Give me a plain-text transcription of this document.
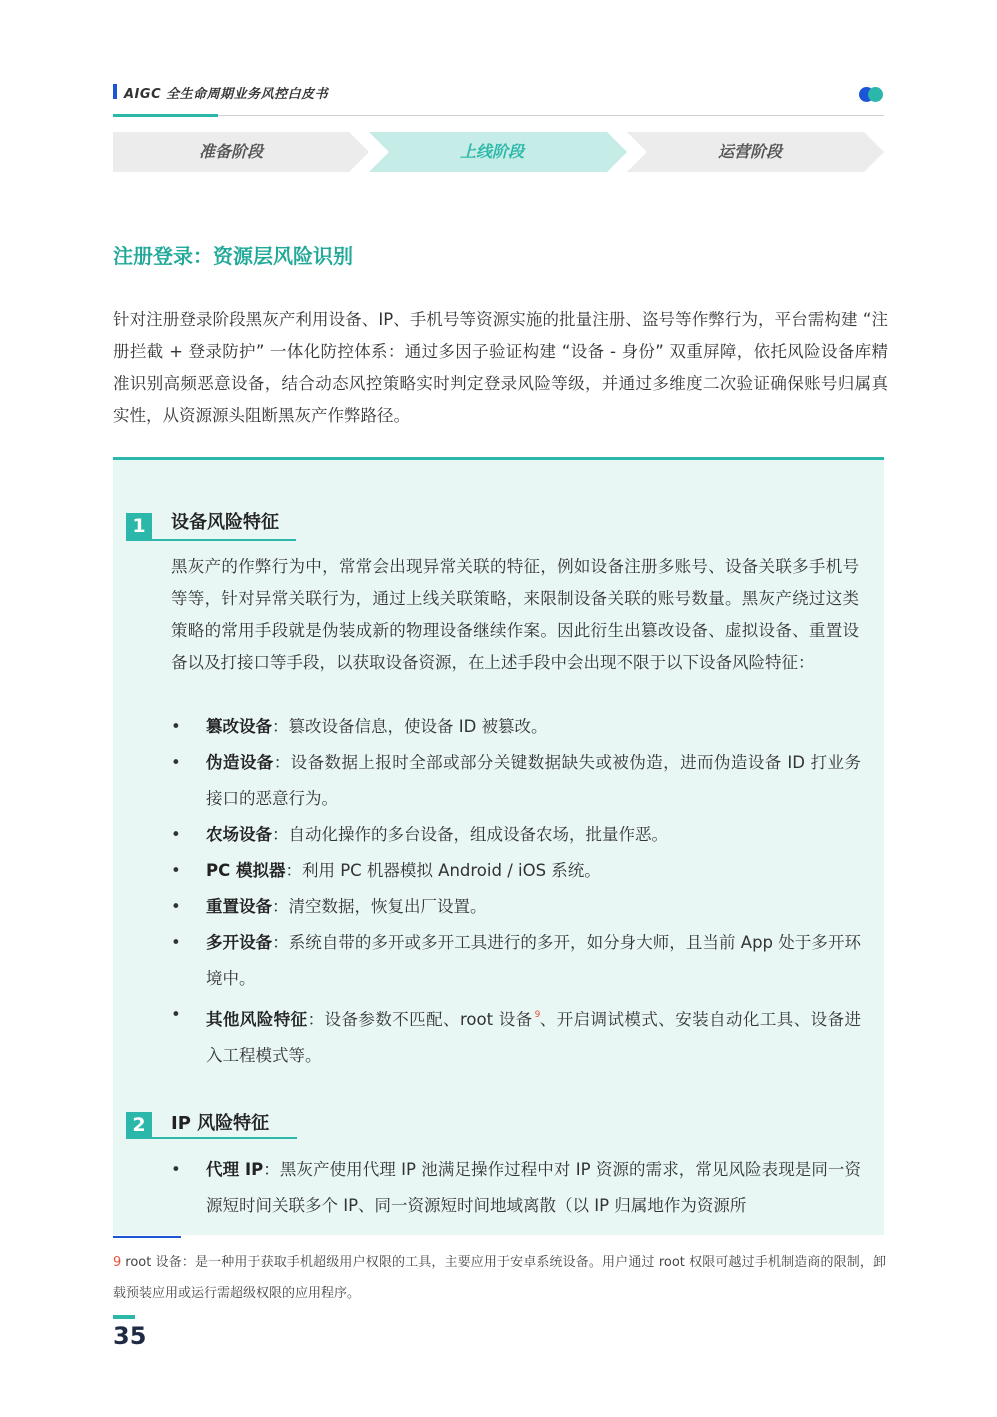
AIGC 全生命周期业务风控白皮书
准备阶段	上线阶段	运营阶段
注册登录：资源层风险识别
针对注册登录阶段黑灰产利用设备、IP、手机号等资源实施的批量注册、盗号等作弊行为，平台需构建 “注册拦截 + 登录防护” 一体化防控体系：通过多因子验证构建 “设备 - 身份” 双重屏障，依托风险设备库精准识别高频恶意设备，结合动态风控策略实时判定登录风险等级，并通过多维度二次验证确保账号归属真实性，从资源源头阻断黑灰产作弊路径。
1	设备风险特征
黑灰产的作弊行为中，常常会出现异常关联的特征，例如设备注册多账号、设备关联多手机号等等，针对异常关联行为，通过上线关联策略，来限制设备关联的账号数量。黑灰产绕过这类策略的常用手段就是伪装成新的物理设备继续作案。因此衍生出篡改设备、虚拟设备、重置设备以及打接口等手段，以获取设备资源，在上述手段中会出现不限于以下设备风险特征：
• 篡改设备：篡改设备信息，使设备 ID 被篡改。
• 伪造设备：设备数据上报时全部或部分关键数据缺失或被伪造，进而伪造设备 ID 打业务接口的恶意行为。
• 农场设备：自动化操作的多台设备，组成设备农场，批量作恶。
• PC 模拟器：利用 PC 机器模拟 Android / iOS 系统。
• 重置设备：清空数据，恢复出厂设置。
• 多开设备：系统自带的多开或多开工具进行的多开，如分身大师，且当前 App 处于多开环境中。
• 其他风险特征：设备参数不匹配、root 设备 $^9$、开启调试模式、安装自动化工具、设备进入工程模式等。
2	IP 风险特征
• 代理 IP：黑灰产使用代理 IP 池满足操作过程中对 IP 资源的需求，常见风险表现是同一资源短时间关联多个 IP、同一资源短时间地域离散（以 IP 归属地作为资源所
9 root 设备：是一种用于获取手机超级用户权限的工具，主要应用于安卓系统设备。用户通过 root 权限可越过手机制造商的限制，卸载预装应用或运行需超级权限的应用程序。
35
